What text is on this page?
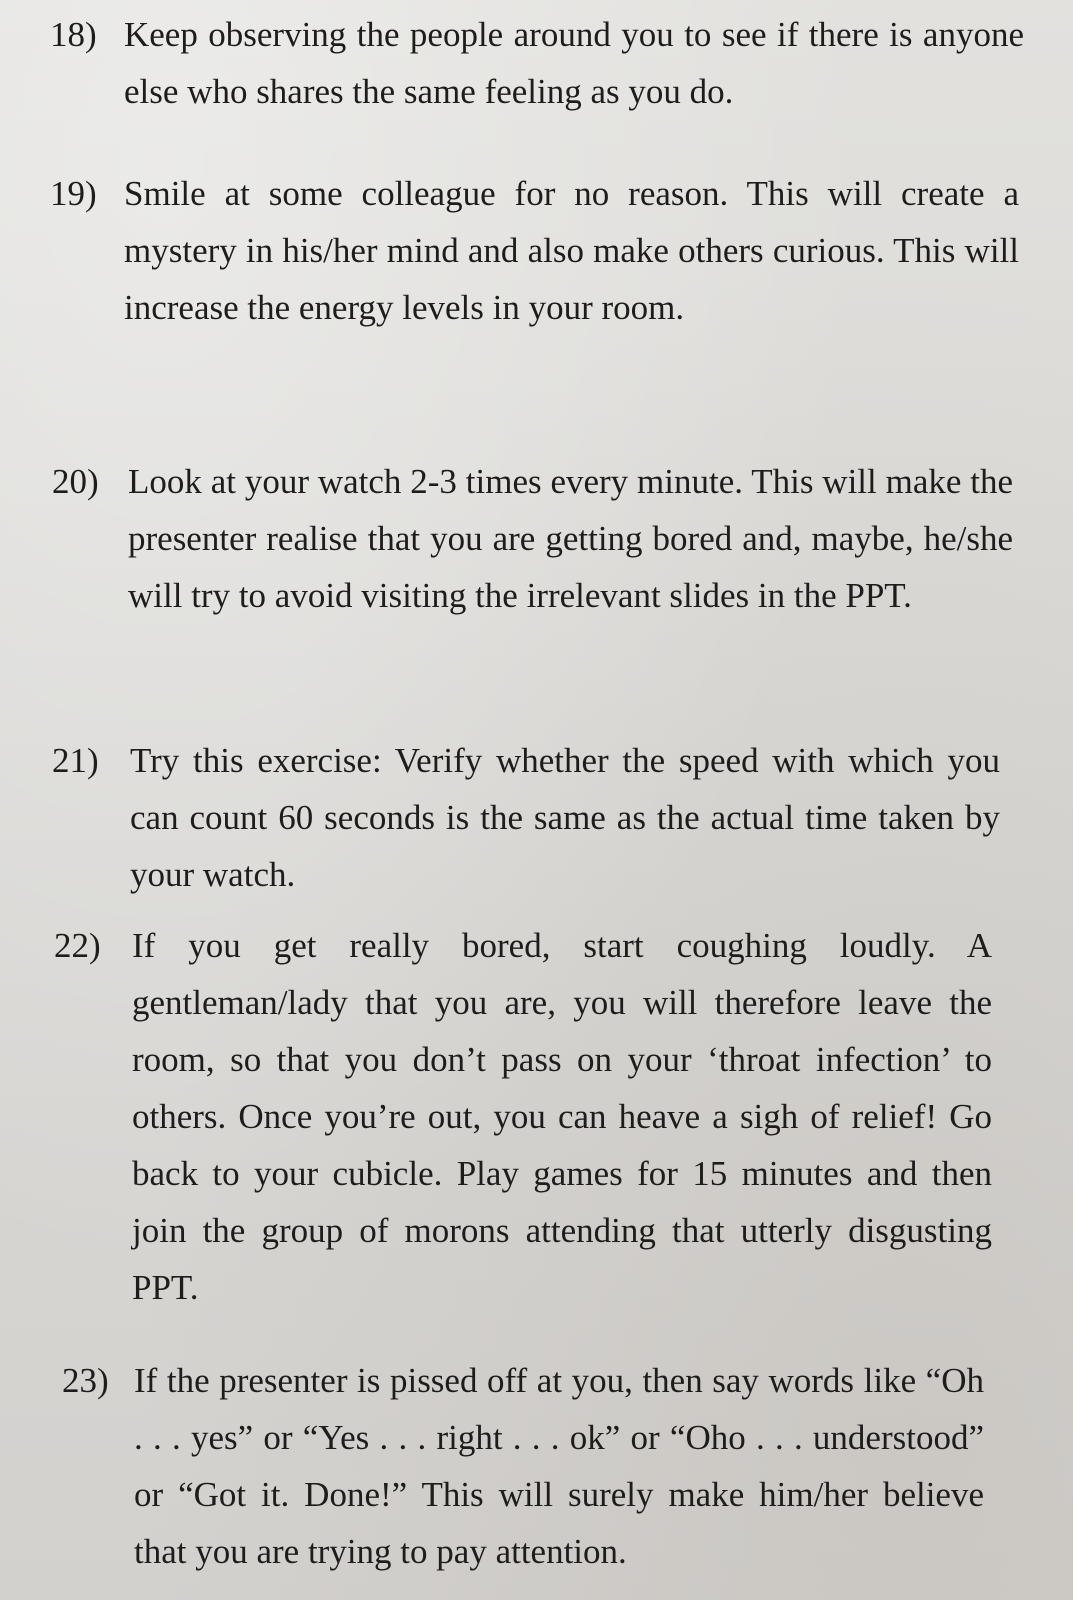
18) Keep observing the people around you to see if there is anyone else who shares the same feeling as you do.
19) Smile at some colleague for no reason. This will create a mystery in his/her mind and also make others curious. This will increase the energy levels in your room.
20) Look at your watch 2-3 times every minute. This will make the presenter realise that you are getting bored and, maybe, he/she will try to avoid visiting the irrelevant slides in the PPT.
21) Try this exercise: Verify whether the speed with which you can count 60 seconds is the same as the actual time taken by your watch.
22) If you get really bored, start coughing loudly. A gentleman/lady that you are, you will therefore leave the room, so that you don’t pass on your ‘throat infection’ to others. Once you’re out, you can heave a sigh of relief! Go back to your cubicle. Play games for 15 minutes and then join the group of morons attending that utterly disgusting PPT.
23) If the presenter is pissed off at you, then say words like “Oh . . . yes” or “Yes . . . right . . . ok” or “Oho . . . understood” or “Got it. Done!” This will surely make him/her believe that you are trying to pay attention.
